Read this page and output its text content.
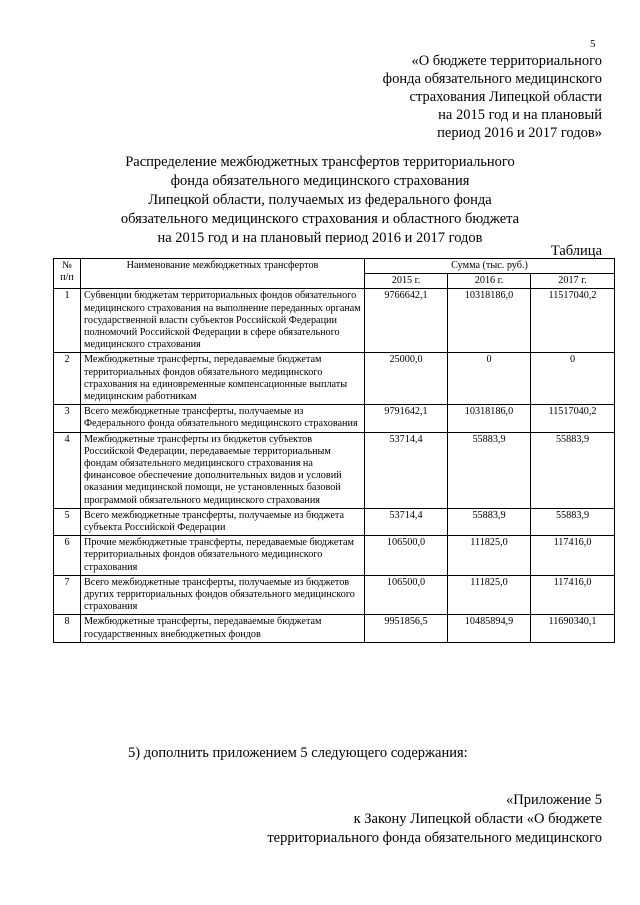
5
«О бюджете территориального
фонда обязательного медицинского
страхования Липецкой области
на 2015 год и на плановый
период 2016 и 2017 годов»
Распределение межбюджетных трансфертов территориального
фонда обязательного медицинского страхования
Липецкой области, получаемых из федерального фонда
обязательного медицинского страхования и областного бюджета
на 2015 год и на плановый период 2016 и 2017 годов
Таблица
№ п/п	Наименование межбюджетных трансфертов	Сумма (тыс. руб.)		
		2015 г.	2016 г.	2017 г.
1	Субвенции бюджетам территориальных фондов обязательного медицинского страхования на выполнение переданных органам государственной власти субъектов Российской Федерации полномочий Российской Федерации в сфере обязательного медицинского страхования	9766642,1	10318186,0	11517040,2
2	Межбюджетные трансферты, передаваемые бюджетам территориальных фондов обязательного медицинского страхования на единовременные компенсационные выплаты медицинским работникам	25000,0	0	0
3	Всего межбюджетные трансферты, получаемые из Федерального фонда обязательного медицинского страхования	9791642,1	10318186,0	11517040,2
4	Межбюджетные трансферты из бюджетов субъектов Российской Федерации, передаваемые территориальным фондам обязательного медицинского страхования на финансовое обеспечение дополнительных видов и условий оказания медицинской помощи, не установленных базовой программой обязательного медицинского страхования	53714,4	55883,9	55883,9
5	Всего межбюджетные трансферты, получаемые из бюджета субъекта Российской Федерации	53714,4	55883,9	55883,9
6	Прочие межбюджетные трансферты, передаваемые бюджетам территориальных фондов обязательного медицинского страхования	106500,0	111825,0	117416,0
7	Всего межбюджетные трансферты, получаемые из бюджетов других территориальных фондов обязательного медицинского страхования	106500,0	111825,0	117416,0
8	Межбюджетные трансферты, передаваемые бюджетам государственных внебюджетных фондов	9951856,5	10485894,9	11690340,1
5) дополнить приложением 5 следующего содержания:
«Приложение 5
к Закону Липецкой области «О бюджете
территориального фонда обязательного медицинского
